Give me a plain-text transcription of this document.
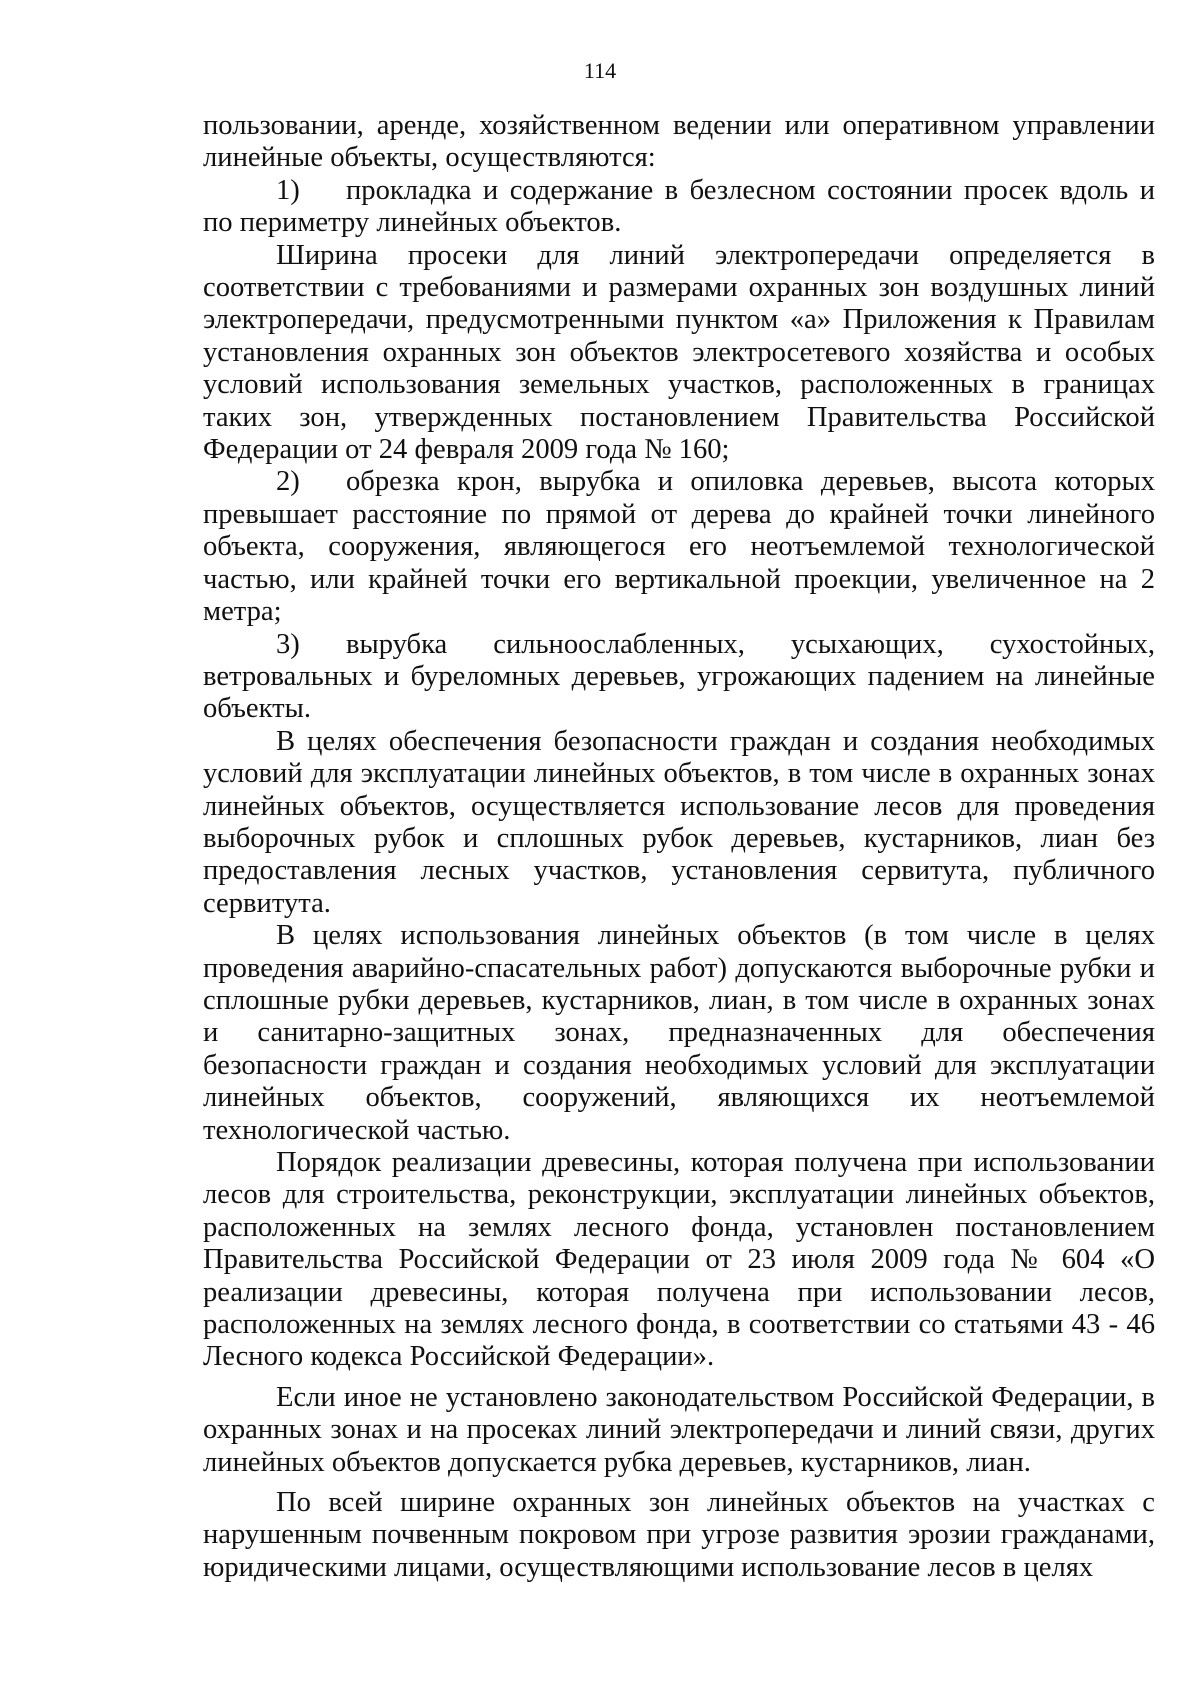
114

пользовании, аренде, хозяйственном ведении или оперативном управлении линейные объекты, осуществляются:

1) прокладка и содержание в безлесном состоянии просек вдоль и по периметру линейных объектов.

Ширина просеки для линий электропередачи определяется в соответствии с требованиями и размерами охранных зон воздушных линий электропередачи, предусмотренными пунктом «а» Приложения к Правилам установления охранных зон объектов электросетевого хозяйства и особых условий использования земельных участков, расположенных в границах таких зон, утвержденных постановлением Правительства Российской Федерации от 24 февраля 2009 года № 160;

2) обрезка крон, вырубка и опиловка деревьев, высота которых превышает расстояние по прямой от дерева до крайней точки линейного объекта, сооружения, являющегося его неотъемлемой технологической частью, или крайней точки его вертикальной проекции, увеличенное на 2 метра;

3) вырубка сильноослабленных, усыхающих, сухостойных, ветровальных и буреломных деревьев, угрожающих падением на линейные объекты.

В целях обеспечения безопасности граждан и создания необходимых условий для эксплуатации линейных объектов, в том числе в охранных зонах линейных объектов, осуществляется использование лесов для проведения выборочных рубок и сплошных рубок деревьев, кустарников, лиан без предоставления лесных участков, установления сервитута, публичного сервитута.

В целях использования линейных объектов (в том числе в целях проведения аварийно-спасательных работ) допускаются выборочные рубки и сплошные рубки деревьев, кустарников, лиан, в том числе в охранных зонах и санитарно-защитных зонах, предназначенных для обеспечения безопасности граждан и создания необходимых условий для эксплуатации линейных объектов, сооружений, являющихся их неотъемлемой технологической частью.

Порядок реализации древесины, которая получена при использовании лесов для строительства, реконструкции, эксплуатации линейных объектов, расположенных на землях лесного фонда, установлен постановлением Правительства Российской Федерации от 23 июля 2009 года № 604 «О реализации древесины, которая получена при использовании лесов, расположенных на землях лесного фонда, в соответствии со статьями 43 - 46 Лесного кодекса Российской Федерации».

Если иное не установлено законодательством Российской Федерации, в охранных зонах и на просеках линий электропередачи и линий связи, других линейных объектов допускается рубка деревьев, кустарников, лиан.

По всей ширине охранных зон линейных объектов на участках с нарушенным почвенным покровом при угрозе развития эрозии гражданами, юридическими лицами, осуществляющими использование лесов в целях
